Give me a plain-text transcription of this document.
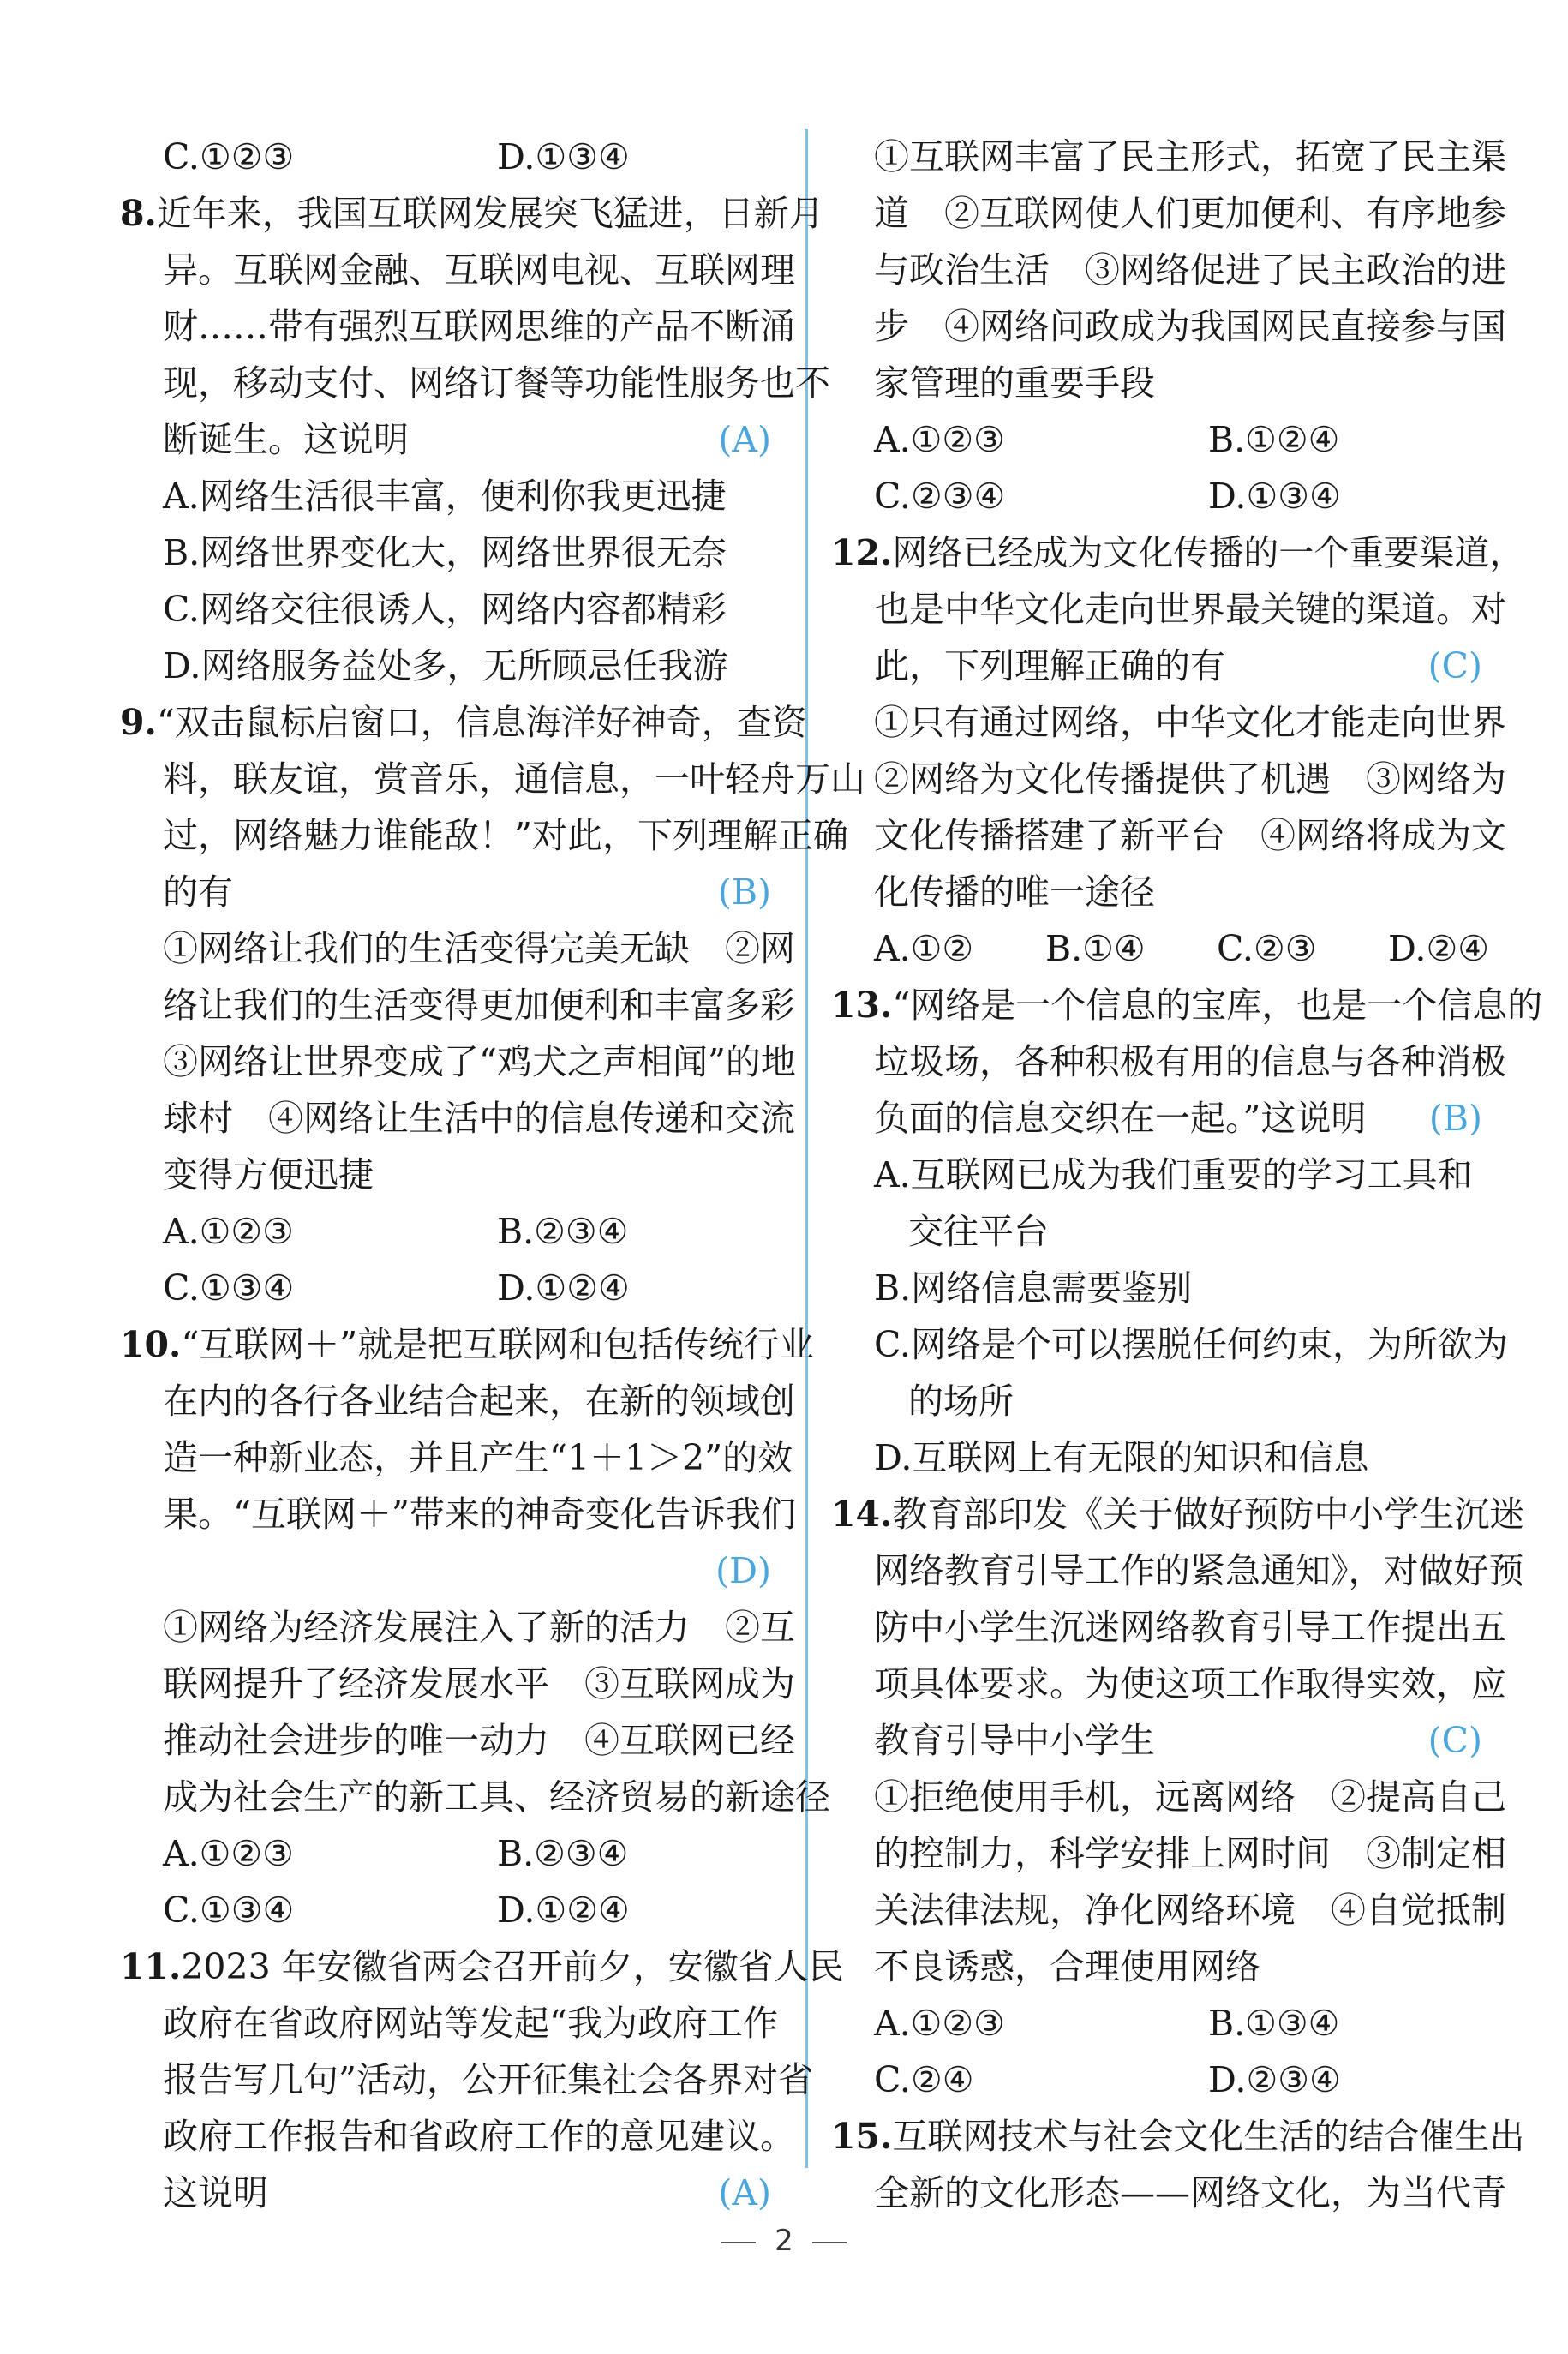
C.①②③	D.①③④
8.近年来，我国互联网发展突飞猛进，日新月
异。互联网金融、互联网电视、互联网理
财……带有强烈互联网思维的产品不断涌
现，移动支付、网络订餐等功能性服务也不
断诞生。这说明	(A)
A.网络生活很丰富，便利你我更迅捷
B.网络世界变化大，网络世界很无奈
C.网络交往很诱人，网络内容都精彩
D.网络服务益处多，无所顾忌任我游
9.“双击鼠标启窗口，信息海洋好神奇，查资
料，联友谊，赏音乐，通信息，一叶轻舟万山
过，网络魅力谁能敌！”对此，下列理解正确
的有	(B)
①网络让我们的生活变得完美无缺　②网
络让我们的生活变得更加便利和丰富多彩
③网络让世界变成了“鸡犬之声相闻”的地
球村　④网络让生活中的信息传递和交流
变得方便迅捷
A.①②③	B.②③④
C.①③④	D.①②④
10.“互联网＋”就是把互联网和包括传统行业
在内的各行各业结合起来，在新的领域创
造一种新业态，并且产生“1＋1＞2”的效
果。“互联网＋”带来的神奇变化告诉我们
(D)
①网络为经济发展注入了新的活力　②互
联网提升了经济发展水平　③互联网成为
推动社会进步的唯一动力　④互联网已经
成为社会生产的新工具、经济贸易的新途径
A.①②③	B.②③④
C.①③④	D.①②④
11.2023 年安徽省两会召开前夕，安徽省人民
政府在省政府网站等发起“我为政府工作
报告写几句”活动，公开征集社会各界对省
政府工作报告和省政府工作的意见建议。
这说明	(A)
①互联网丰富了民主形式，拓宽了民主渠
道　②互联网使人们更加便利、有序地参
与政治生活　③网络促进了民主政治的进
步　④网络问政成为我国网民直接参与国
家管理的重要手段
A.①②③	B.①②④
C.②③④	D.①③④
12.网络已经成为文化传播的一个重要渠道，
也是中华文化走向世界最关键的渠道。对
此，下列理解正确的有	(C)
①只有通过网络，中华文化才能走向世界
②网络为文化传播提供了机遇　③网络为
文化传播搭建了新平台　④网络将成为文
化传播的唯一途径
A.①② B.①④ C.②③ D.②④
13.“网络是一个信息的宝库，也是一个信息的
垃圾场，各种积极有用的信息与各种消极
负面的信息交织在一起。”这说明 (B)
A.互联网已成为我们重要的学习工具和
交往平台
B.网络信息需要鉴别
C.网络是个可以摆脱任何约束，为所欲为
的场所
D.互联网上有无限的知识和信息
14.教育部印发《关于做好预防中小学生沉迷
网络教育引导工作的紧急通知》，对做好预
防中小学生沉迷网络教育引导工作提出五
项具体要求。为使这项工作取得实效，应
教育引导中小学生	(C)
①拒绝使用手机，远离网络　②提高自己
的控制力，科学安排上网时间　③制定相
关法律法规，净化网络环境　④自觉抵制
不良诱惑，合理使用网络
A.①②③	B.①③④
C.②④	D.②③④
15.互联网技术与社会文化生活的结合催生出
全新的文化形态——网络文化，为当代青
2
